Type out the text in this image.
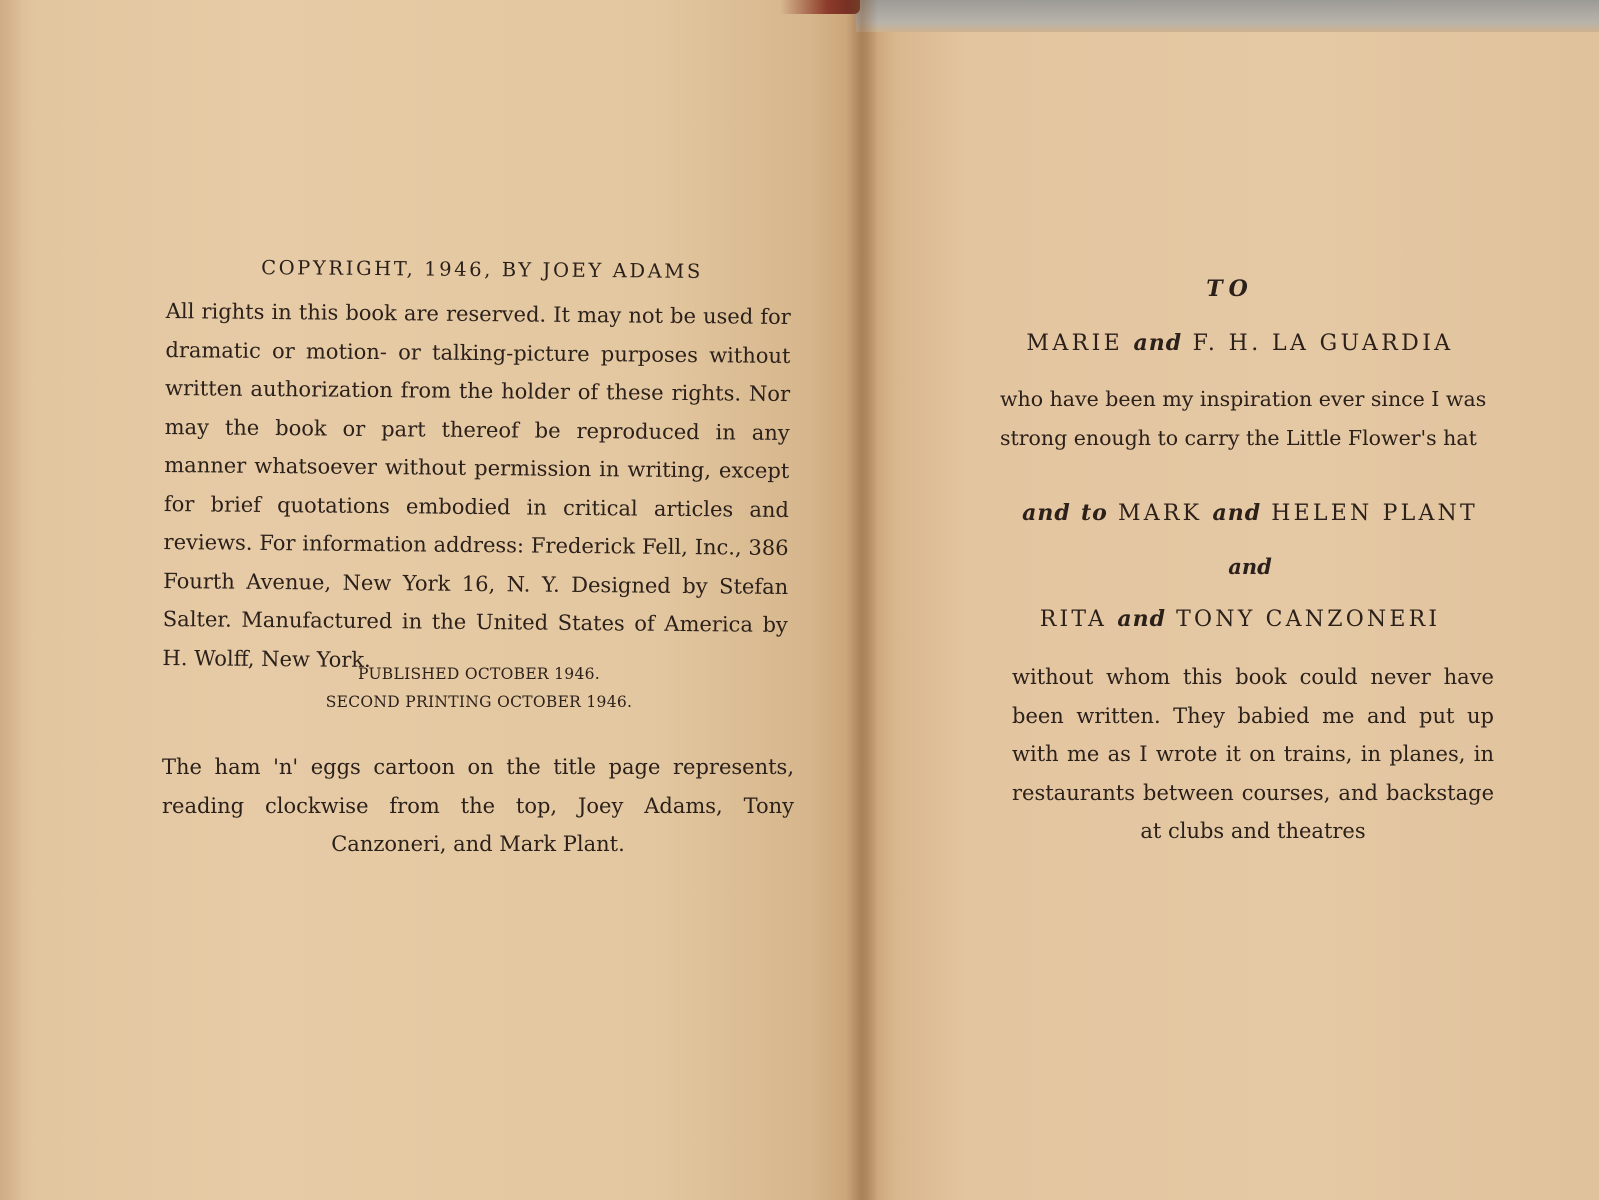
COPYRIGHT, 1946, BY JOEY ADAMS

All rights in this book are reserved. It may not be used for dramatic or motion- or talking-picture purposes without written authorization from the holder of these rights. Nor may the book or part thereof be reproduced in any manner whatsoever without permission in writing, except for brief quotations embodied in critical articles and reviews. For information address: Frederick Fell, Inc., 386 Fourth Avenue, New York 16, N. Y. Designed by Stefan Salter. Manufactured in the United States of America by H. Wolff, New York.

PUBLISHED OCTOBER 1946.
SECOND PRINTING OCTOBER 1946.
The ham 'n' eggs cartoon on the title page represents, reading clockwise from the top, Joey Adams, Tony Canzoneri, and Mark Plant.
TO
MARIE and F. H. LA GUARDIA
who have been my inspiration ever since I was strong enough to carry the Little Flower's hat
and to MARK and HELEN PLANT
and
RITA and TONY CANZONERI
without whom this book could never have been written. They babied me and put up with me as I wrote it on trains, in planes, in restaurants between courses, and backstage at clubs and theatres
